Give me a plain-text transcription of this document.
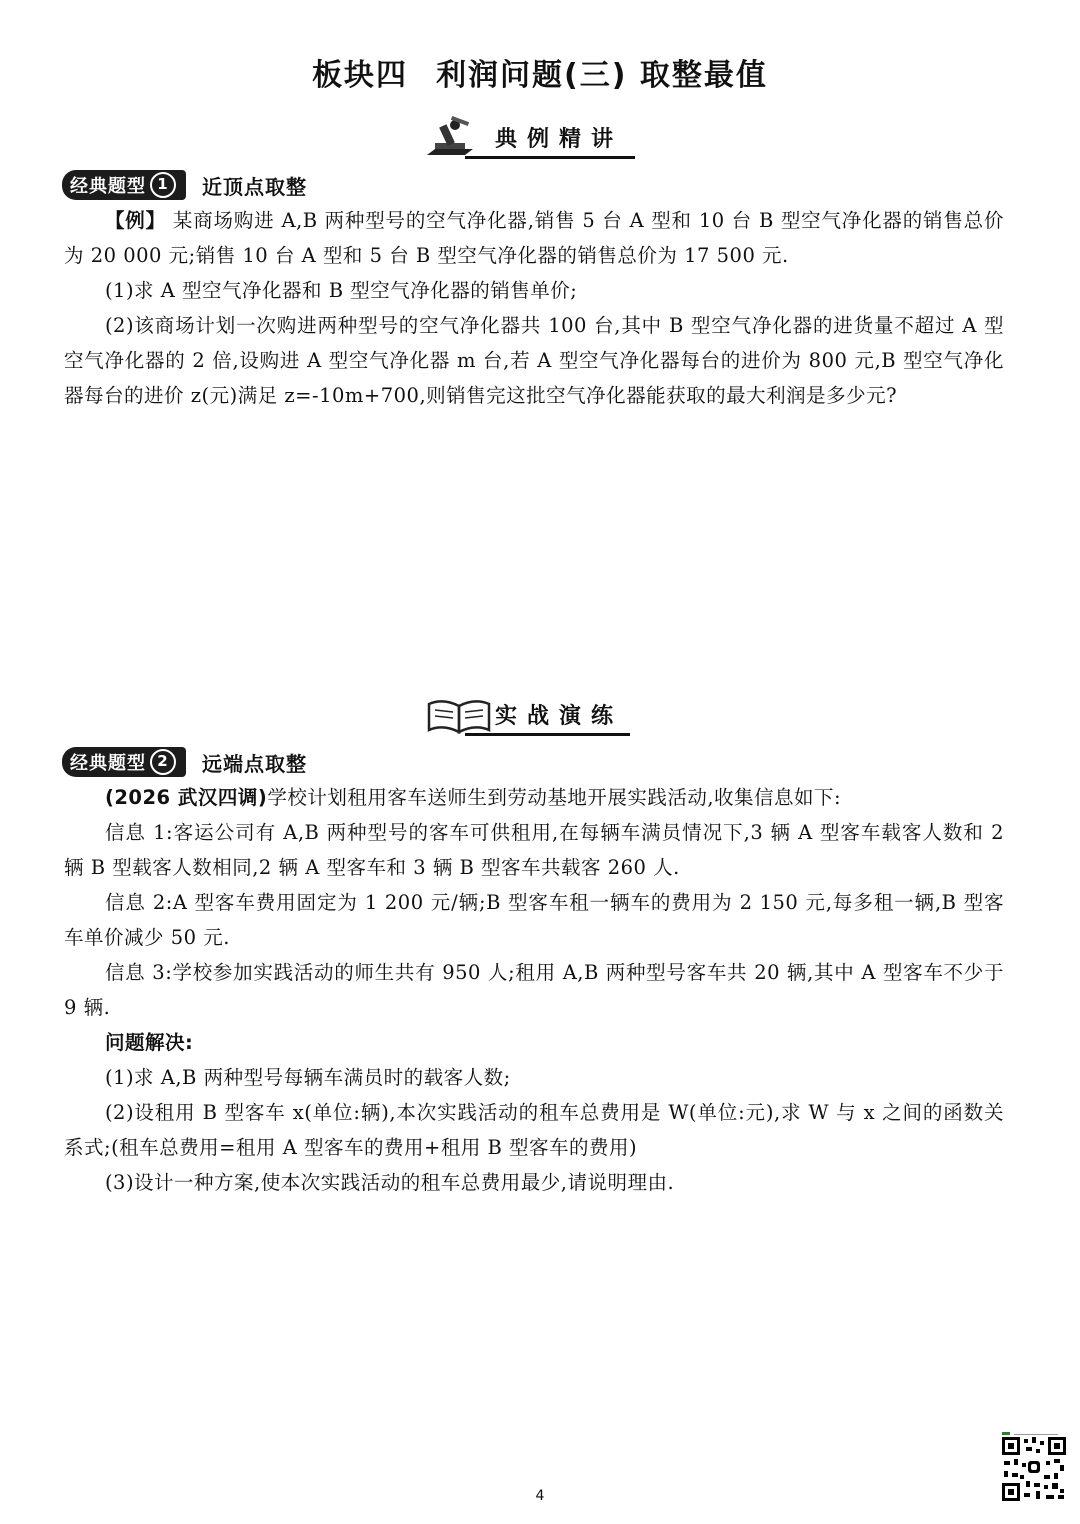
板块四 利润问题(三) 取整最值
典例精讲
经典题型 1	近顶点取整

【例】 某商场购进 A,B 两种型号的空气净化器,销售 5 台 A 型和 10 台 B 型空气净化器的销售总价为 20 000 元;销售 10 台 A 型和 5 台 B 型空气净化器的销售总价为 17 500 元.

(1)求 A 型空气净化器和 B 型空气净化器的销售单价;

(2)该商场计划一次购进两种型号的空气净化器共 100 台,其中 B 型空气净化器的进货量不超过 A 型空气净化器的 2 倍,设购进 A 型空气净化器 m 台,若 A 型空气净化器每台的进价为 800 元,B 型空气净化器每台的进价 z(元)满足 z=-10m+700,则销售完这批空气净化器能获取的最大利润是多少元?

实战演练
经典题型 2	远端点取整

(2026 武汉四调)学校计划租用客车送师生到劳动基地开展实践活动,收集信息如下:

信息 1:客运公司有 A,B 两种型号的客车可供租用,在每辆车满员情况下,3 辆 A 型客车载客人数和 2 辆 B 型载客人数相同,2 辆 A 型客车和 3 辆 B 型客车共载客 260 人.

信息 2:A 型客车费用固定为 1 200 元/辆;B 型客车租一辆车的费用为 2 150 元,每多租一辆,B 型客车单价减少 50 元.

信息 3:学校参加实践活动的师生共有 950 人;租用 A,B 两种型号客车共 20 辆,其中 A 型客车不少于 9 辆.

问题解决:

(1)求 A,B 两种型号每辆车满员时的载客人数;

(2)设租用 B 型客车 x(单位:辆),本次实践活动的租车总费用是 W(单位:元),求 W 与 x 之间的函数关系式;(租车总费用=租用 A 型客车的费用+租用 B 型客车的费用)

(3)设计一种方案,使本次实践活动的租车总费用最少,请说明理由.

4
